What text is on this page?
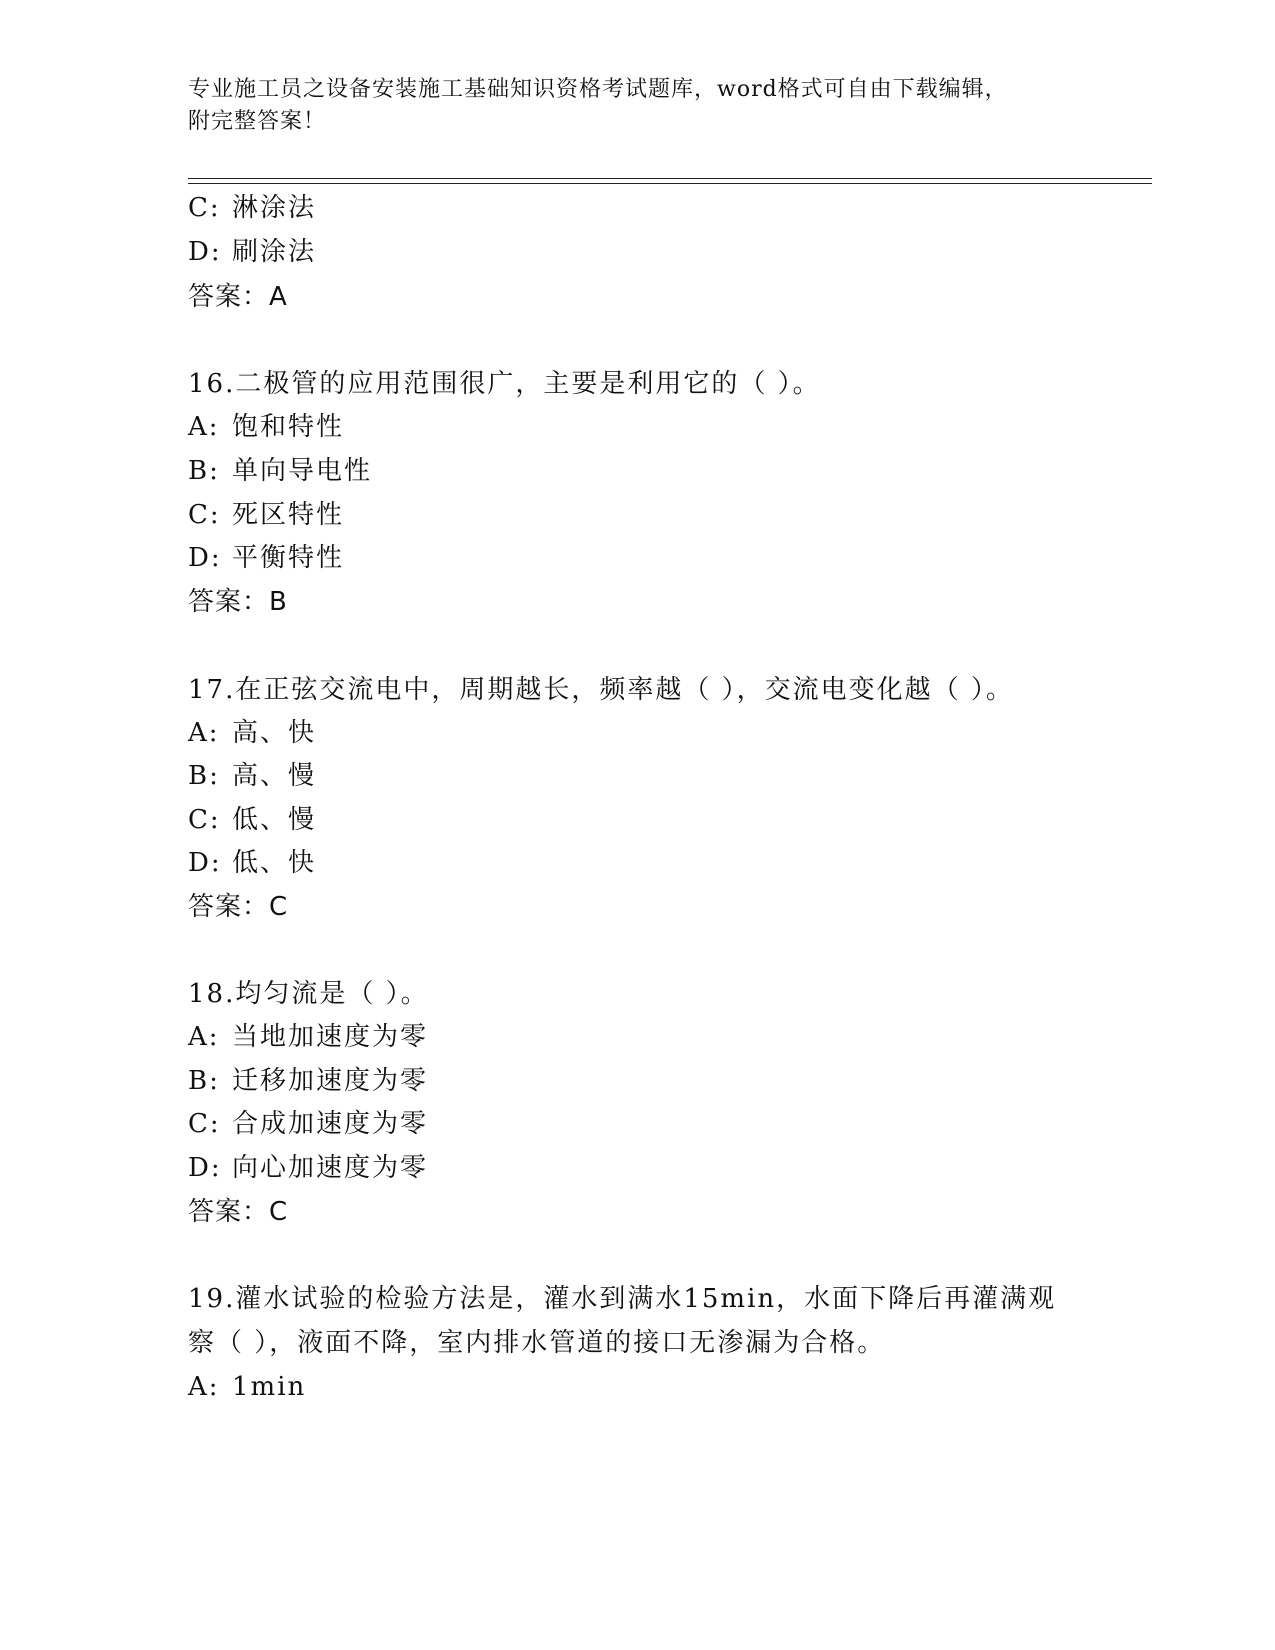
专业施工员之设备安装施工基础知识资格考试题库，word格式可自由下载编辑，
附完整答案！
C: 淋涂法
D: 刷涂法
答案：A
16.二极管的应用范围很广，主要是利用它的（ ）。
A: 饱和特性
B: 单向导电性
C: 死区特性
D: 平衡特性
答案：B
17.在正弦交流电中，周期越长，频率越（ ），交流电变化越（ ）。
A: 高、快
B: 高、慢
C: 低、慢
D: 低、快
答案：C
18.均匀流是（ ）。
A: 当地加速度为零
B: 迁移加速度为零
C: 合成加速度为零
D: 向心加速度为零
答案：C
19.灌水试验的检验方法是，灌水到满水15min，水面下降后再灌满观
察（ ），液面不降，室内排水管道的接口无渗漏为合格。
A: 1min
